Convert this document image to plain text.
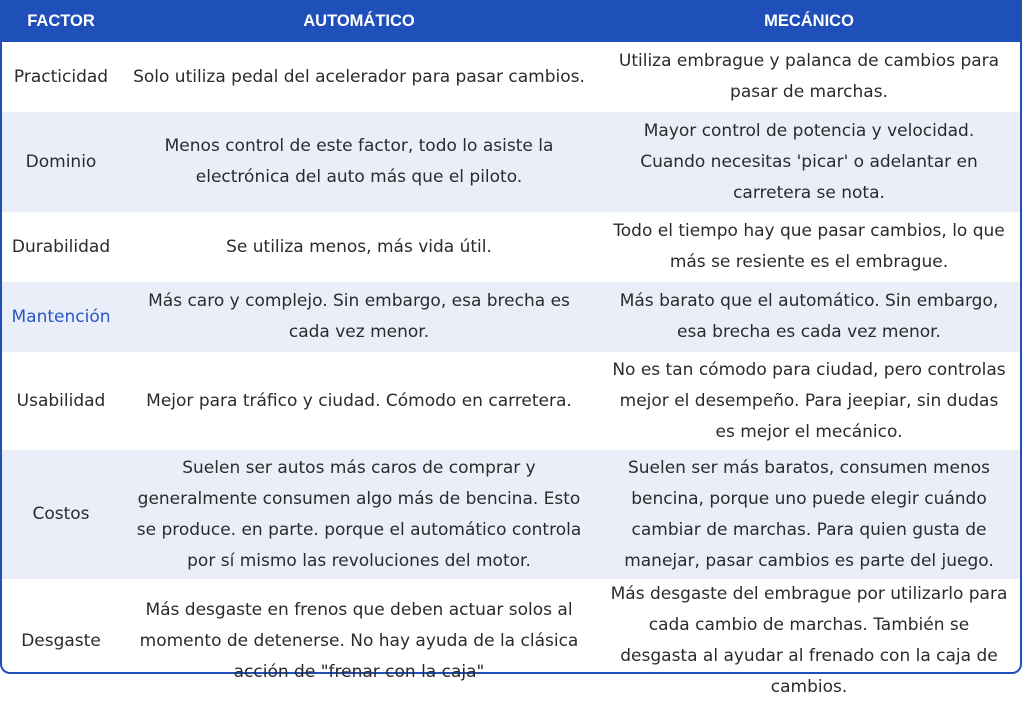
FACTOR	AUTOMÁTICO	MECÁNICO
Practicidad	Solo utiliza pedal del acelerador para pasar cambios.	Utiliza embrague y palanca de cambios para pasar de marchas.
Dominio	Menos control de este factor, todo lo asiste la electrónica del auto más que el piloto.	Mayor control de potencia y velocidad. Cuando necesitas 'picar' o adelantar en carretera se nota.
Durabilidad	Se utiliza menos, más vida útil.	Todo el tiempo hay que pasar cambios, lo que más se resiente es el embrague.
Mantención	Más caro y complejo. Sin embargo, esa brecha es cada vez menor.	Más barato que el automático. Sin embargo, esa brecha es cada vez menor.
Usabilidad	Mejor para tráfico y ciudad. Cómodo en carretera.	No es tan cómodo para ciudad, pero controlas mejor el desempeño. Para jeepiar, sin dudas es mejor el mecánico.
Costos	Suelen ser autos más caros de comprar y generalmente consumen algo más de bencina. Esto se produce. en parte. porque el automático controla por sí mismo las revoluciones del motor.	Suelen ser más baratos, consumen menos bencina, porque uno puede elegir cuándo cambiar de marchas. Para quien gusta de manejar, pasar cambios es parte del juego.
Desgaste	Más desgaste en frenos que deben actuar solos al momento de detenerse. No hay ayuda de la clásica acción de "frenar con la caja"	Más desgaste del embrague por utilizarlo para cada cambio de marchas. También se desgasta al ayudar al frenado con la caja de cambios.
